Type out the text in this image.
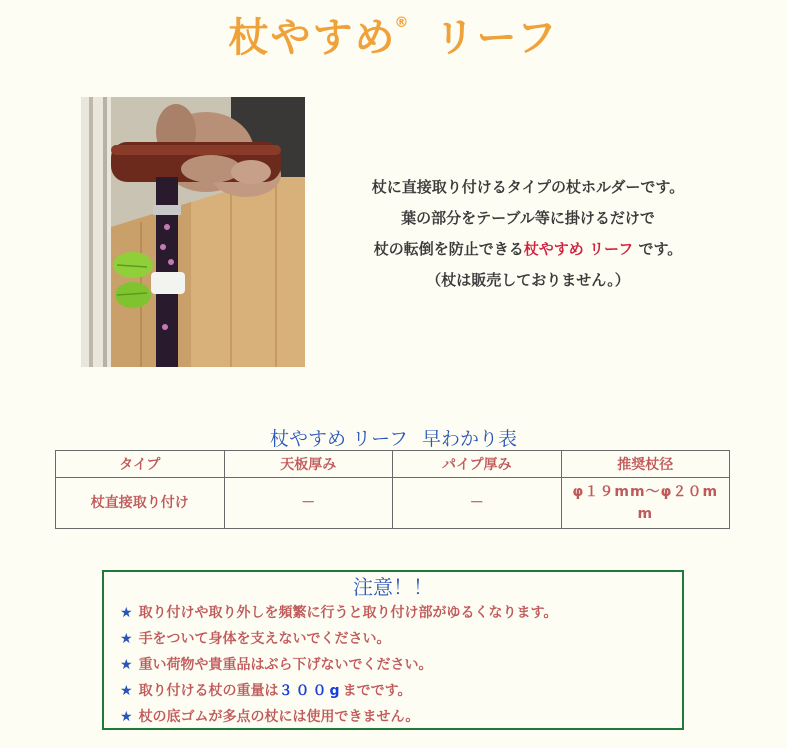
杖やすめ® リーフ
杖に直接取り付けるタイプの杖ホルダーです。
葉の部分をテーブル等に掛けるだけで
杖の転倒を防止できる杖やすめ リーフ です。
（杖は販売しておりません。）
杖やすめ リーフ 早わかり表
タイプ	天板厚み	パイプ厚み	推奨杖径
杖直接取り付け	－	－	φ１９mm～φ２０mm
注意！！
★ 取り付けや取り外しを頻繁に行うと取り付け部がゆるくなります。
★ 手をついて身体を支えないでください。
★ 重い荷物や貴重品はぶら下げないでください。
★ 取り付ける杖の重量は３００gまでです。
★ 杖の底ゴムが多点の杖には使用できません。
